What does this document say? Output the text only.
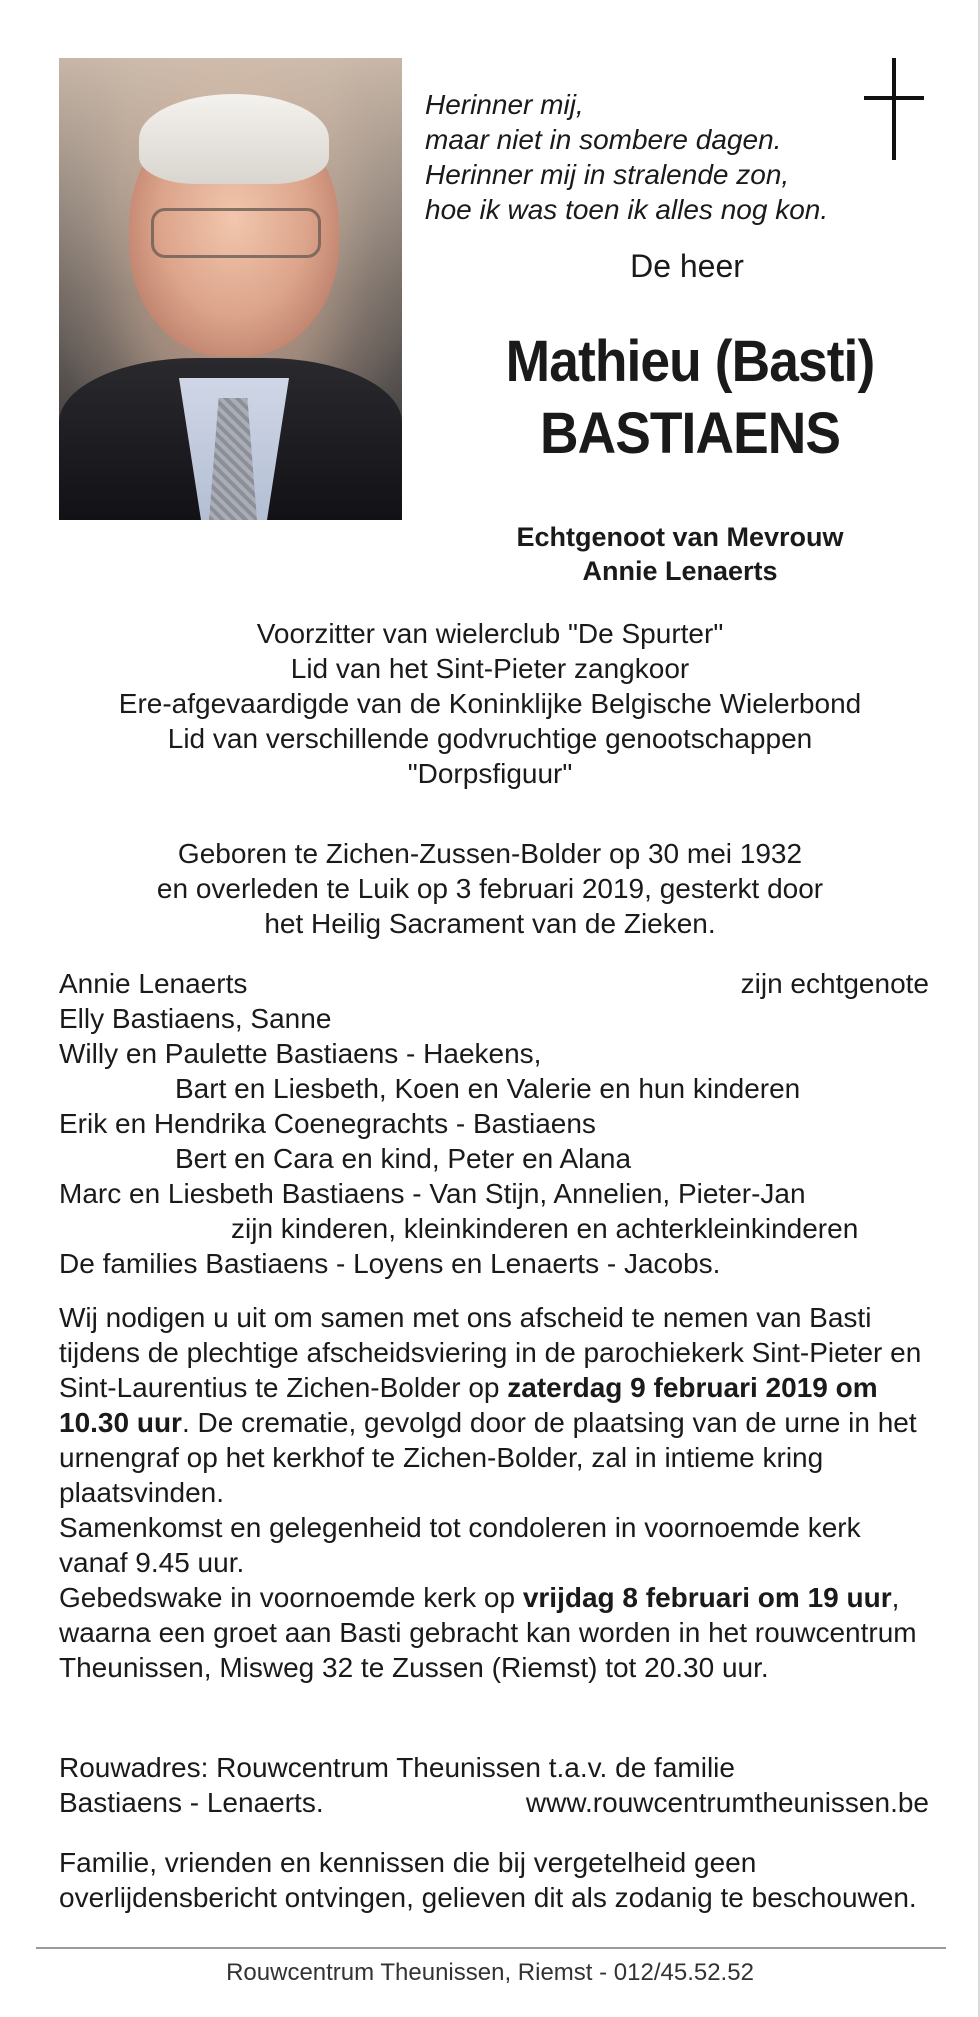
Herinner mij,
maar niet in sombere dagen.
Herinner mij in stralende zon,
hoe ik was toen ik alles nog kon.
De heer
Mathieu (Basti)
BASTIAENS
Echtgenoot van Mevrouw
Annie Lenaerts
Voorzitter van wielerclub "De Spurter"
Lid van het Sint-Pieter zangkoor
Ere-afgevaardigde van de Koninklijke Belgische Wielerbond
Lid van verschillende godvruchtige genootschappen
"Dorpsfiguur"
Geboren te Zichen-Zussen-Bolder op 30 mei 1932
en overleden te Luik op 3 februari 2019, gesterkt door
het Heilig Sacrament van de Zieken.
Annie Lenaerts	zijn echtgenote
Elly Bastiaens, Sanne
Willy en Paulette Bastiaens - Haekens,
Bart en Liesbeth, Koen en Valerie en hun kinderen
Erik en Hendrika Coenegrachts - Bastiaens
Bert en Cara en kind, Peter en Alana
Marc en Liesbeth Bastiaens - Van Stijn, Annelien, Pieter-Jan
zijn kinderen, kleinkinderen en achterkleinkinderen
De families Bastiaens - Loyens en Lenaerts - Jacobs.
Wij nodigen u uit om samen met ons afscheid te nemen van Basti tijdens de plechtige afscheidsviering in de parochiekerk Sint-Pieter en Sint-Laurentius te Zichen-Bolder op zaterdag 9 februari 2019 om 10.30 uur. De crematie, gevolgd door de plaatsing van de urne in het urnengraf op het kerkhof te Zichen-Bolder, zal in intieme kring plaatsvinden.
Samenkomst en gelegenheid tot condoleren in voornoemde kerk vanaf 9.45 uur.
Gebedswake in voornoemde kerk op vrijdag 8 februari om 19 uur, waarna een groet aan Basti gebracht kan worden in het rouwcentrum Theunissen, Misweg 32 te Zussen (Riemst) tot 20.30 uur.
Rouwadres: Rouwcentrum Theunissen t.a.v. de familie
Bastiaens - Lenaerts.	www.rouwcentrumtheunissen.be
Familie, vrienden en kennissen die bij vergetelheid geen overlijdensbericht ontvingen, gelieven dit als zodanig te beschouwen.
Rouwcentrum Theunissen, Riemst - 012/45.52.52
